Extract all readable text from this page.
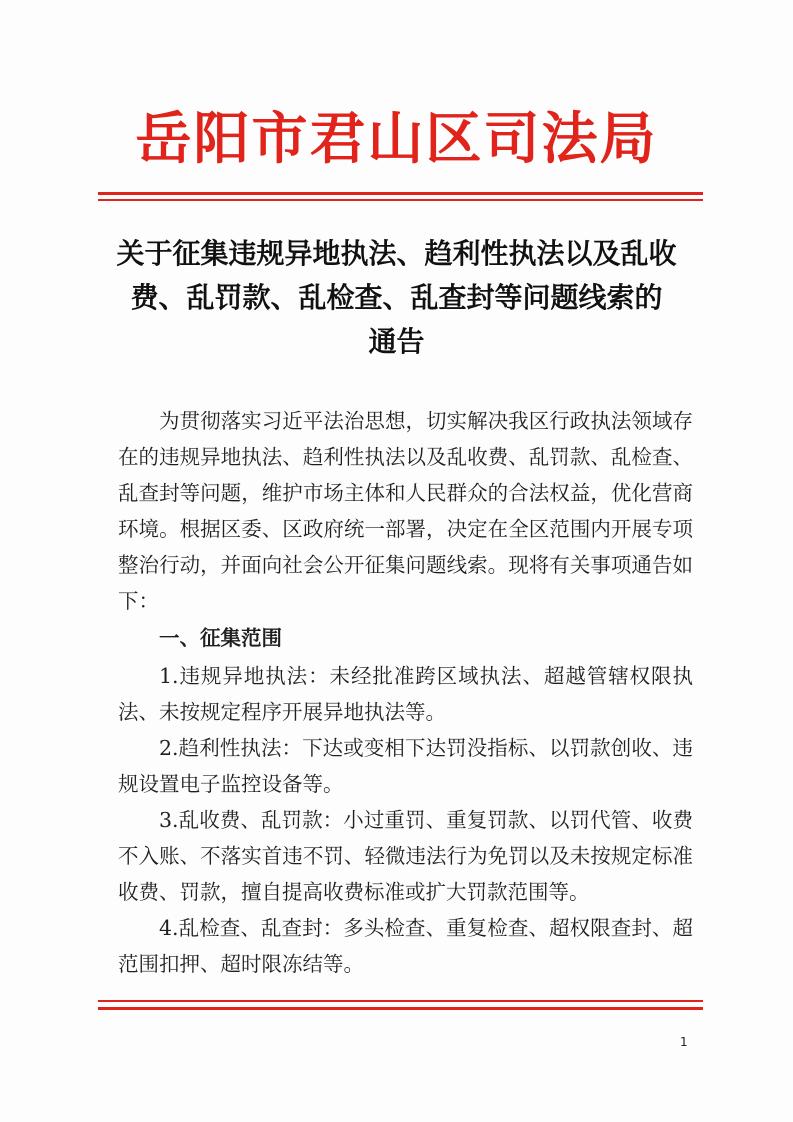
岳阳市君山区司法局
关于征集违规异地执法、趋利性执法以及乱收
费、乱罚款、乱检查、乱查封等问题线索的
通告

为贯彻落实习近平法治思想，切实解决我区行政执法领域存在的违规异地执法、趋利性执法以及乱收费、乱罚款、乱检查、乱查封等问题，维护市场主体和人民群众的合法权益，优化营商环境。根据区委、区政府统一部署，决定在全区范围内开展专项整治行动，并面向社会公开征集问题线索。现将有关事项通告如下：

一、征集范围

1.违规异地执法：未经批准跨区域执法、超越管辖权限执法、未按规定程序开展异地执法等。

2.趋利性执法：下达或变相下达罚没指标、以罚款创收、违规设置电子监控设备等。

3.乱收费、乱罚款：小过重罚、重复罚款、以罚代管、收费不入账、不落实首违不罚、轻微违法行为免罚以及未按规定标准收费、罚款，擅自提高收费标准或扩大罚款范围等。

4.乱检查、乱查封：多头检查、重复检查、超权限查封、超范围扣押、超时限冻结等。

1
